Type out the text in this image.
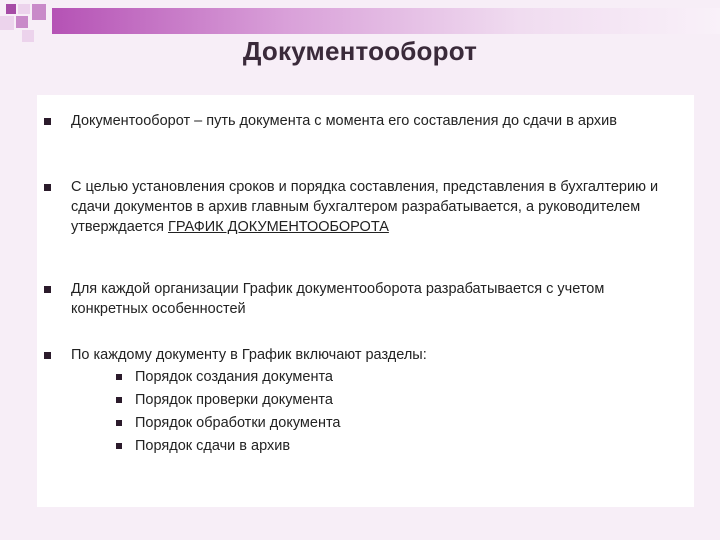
Документооборот
Документооборот – путь документа с момента его составления до сдачи в архив
С целью установления сроков и порядка составления, представления в бухгалтерию и сдачи документов в архив главным бухгалтером разрабатывается, а руководителем утверждается ГРАФИК ДОКУМЕНТООБОРОТА
Для каждой организации График документооборота разрабатывается с учетом конкретных особенностей
По каждому документу в График включают разделы:
Порядок создания документа
Порядок проверки документа
Порядок обработки документа
Порядок сдачи в архив
